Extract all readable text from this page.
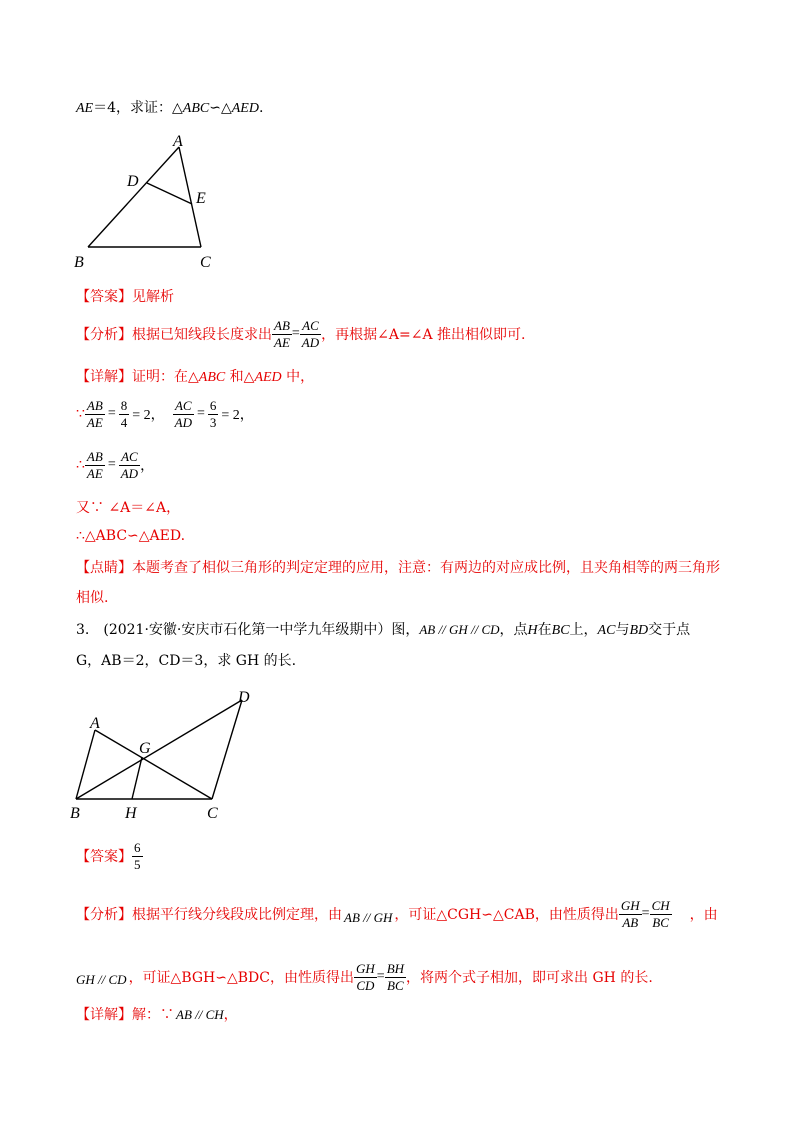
AE＝4，求证：△ABC∽△AED.
A
D
E
B	C
【答案】见解析
【分析】 根据已知线段长度求出 $\frac{AB}{AE} = \frac{AC}{AD}$ ，再根据∠A=∠A 推出相似即可.
【详解】证明：在△ABC 和△AED 中，
∵ $\frac{AB}{AE} = \frac{8}{4} = 2$， $\frac{AC}{AD} = \frac{6}{3} = 2$，
∴ $\frac{AB}{AE} = \frac{AC}{AD}$ ，
又∵ ∠A＝∠A，
∴△ABC∽△AED.
【点睛】本题考查了相似三角形的判定定理的应用，注意：有两边的对应成比例，且夹角相等的两三角形
相似.
3.　(2021·安徽·安庆市石化第一中学九年级期中）图，AB // GH // CD，点H在BC上，AC与BD交于点
G，AB＝2，CD＝3，求 GH 的长.
A
G
D
B	H	C
【答案】 $\frac{6}{5}$
【分析】 根据平行线分线段成比例定理，由 AB // GH ，可证△CGH∽△CAB，由性质得出 $\frac{GH}{AB} = \frac{CH}{BC}$ ，由
GH // CD ，可证△BGH∽△BDC，由性质得出 $\frac{GH}{CD} = \frac{BH}{BC}$ ，将两个式子相加，即可求出 GH 的长.
【详解】解：∵ AB // CH，
